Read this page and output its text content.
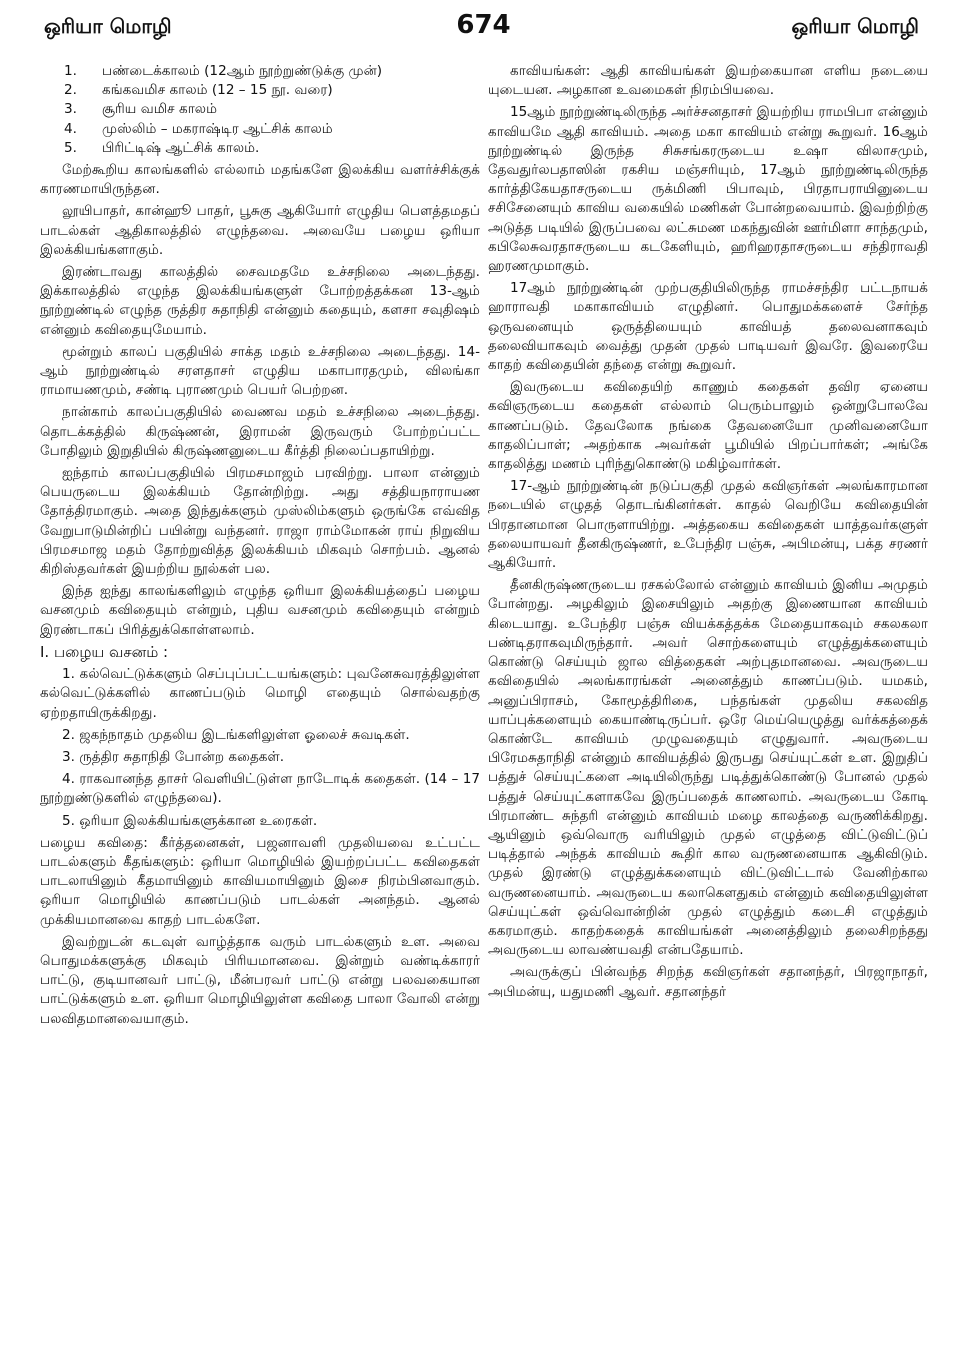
ஒரியா மொழி	674	ஒரியா மொழி
1. பண்டைக்காலம் (12ஆம் நூற்றுண்டுக்கு முன்)
2. கங்கவமிச காலம் (12 – 15 நூ. வரை)
3. சூரிய வமிச காலம்
4. முஸ்லிம் – மகராஷ்டிர ஆட்சிக் காலம்
5. பிரிட்டிஷ் ஆட்சிக் காலம்.

மேற்கூறிய காலங்களில் எல்லாம் மதங்களே இலக்கிய வளர்ச்சிக்குக் காரணமாயிருந்தன.

லூயிபாதர், கான்ஹூ பாதர், பூசுகு ஆகியோர் எழுதிய பௌத்தமதப் பாடல்கள் ஆதிகாலத்தில் எழுந்தவை. அவையே பழைய ஒரியா இலக்கியங்களாகும்.

இரண்டாவது காலத்தில் சைவமதமே உச்சநிலை அடைந்தது. இக்காலத்தில் எழுந்த இலக்கியங்களுள் போற்றத்தக்கன 13-ஆம் நூற்றுண்டில் எழுந்த ருத்திர சுதாநிதி என்னும் கதையும், களசா சவுதிஷம் என்னும் கவிதையுமேயாம்.

மூன்றும் காலப் பகுதியில் சாக்த மதம் உச்சநிலை அடைந்தது. 14-ஆம் நூற்றுண்டில் சரளதாசர் எழுதிய மகாபாரதமும், விலங்கா ராமாயணமும், சண்டி புராணமும் பெயர் பெற்றன.

நான்காம் காலப்பகுதியில் வைணவ மதம் உச்சநிலை அடைந்தது. தொடக்கத்தில் கிருஷ்ணன், இராமன் இருவரும் போற்றப்பட்ட போதிலும் இறுதியில் கிருஷ்ணனுடைய கீர்த்தி நிலைப்பதாயிற்று.

ஐந்தாம் காலப்பகுதியில் பிரமசமாஜம் பரவிற்று. பாலா என்னும் பெயருடைய இலக்கியம் தோன்றிற்று. அது சத்தியநாராயண தோத்திரமாகும். அதை இந்துக்களும் முஸ்லிம்களும் ஒருங்கே எவ்வித வேறுபாடுமின்றிப் பயின்று வந்தனர். ராஜா ராம்மோகன் ராய் நிறுவிய பிரமசமாஜ மதம் தோற்றுவித்த இலக்கியம் மிகவும் சொற்பம். ஆனல் கிறிஸ்தவர்கள் இயற்றிய நூல்கள் பல.

இந்த ஐந்து காலங்களிலும் எழுந்த ஒரியா இலக்கியத்தைப் பழைய வசனமும் கவிதையும் என்றும், புதிய வசனமும் கவிதையும் என்றும் இரண்டாகப் பிரித்துக்கொள்ளலாம்.

I. பழைய வசனம் :

1. கல்வெட்டுக்களும் செப்புப்பட்டயங்களும்: புவனேசுவரத்திலுள்ள கல்வெட்டுக்களில் காணப்படும் மொழி எதையும் சொல்வதற்கு ஏற்றதாயிருக்கிறது.

2. ஜகந்நாதம் முதலிய இடங்களிலுள்ள ஓலைச் சுவடிகள்.

3. ருத்திர சுதாநிதி போன்ற கதைகள்.

4. ராகவானந்த தாசர் வெளியிட்டுள்ள நாடோடிக் கதைகள். (14 – 17 நூற்றுண்டுகளில் எழுந்தவை).

5. ஒரியா இலக்கியங்களுக்கான உரைகள்.

பழைய கவிதை: கீர்த்தனைகள், பஜனாவளி முதலியவை உட்பட்ட பாடல்களும் கீதங்களும்: ஒரியா மொழியில் இயற்றப்பட்ட கவிதைகள் பாடலாயினும் கீதமாயினும் காவியமாயினும் இசை நிரம்பினவாகும். ஒரியா மொழியில் காணப்படும் பாடல்கள் அனந்தம். ஆனல் முக்கியமானவை காதற் பாடல்களே.

இவற்றுடன் கடவுள் வாழ்த்தாக வரும் பாடல்களும் உள. அவை பொதுமக்களுக்கு மிகவும் பிரியமானவை. இன்றும் வண்டிக்காரர் பாட்டு, குடியானவர் பாட்டு, மீன்பரவர் பாட்டு என்று பலவகையான பாட்டுக்களும் உள. ஒரியா மொழியிலுள்ள கவிதை பாலா வோலி என்று பலவிதமானவையாகும்.

காவியங்கள்: ஆதி காவியங்கள் இயற்கையான எளிய நடையை யுடையன. அழகான உவமைகள் நிரம்பியவை.

15ஆம் நூற்றுண்டிலிருந்த அர்ச்சனதாசர் இயற்றிய ராமபிபா என்னும் காவியமே ஆதி காவியம். அதை மகா காவியம் என்று கூறுவர். 16ஆம் நூற்றுண்டில் இருந்த சிசுசங்கரருடைய உஷா விலாசமும், தேவதுர்லபதாஸின் ரகசிய மஞ்சரியும், 17ஆம் நூற்றுண்டிலிருந்த கார்த்திகேயதாசருடைய ருக்மிணி பிபாவும், பிரதாபராயினுடைய சசிசேனையும் காவிய வகையில் மணிகள் போன்றவையாம். இவற்றிற்கு அடுத்த படியில் இருப்பவை லட்சுமண மகந்துவின் ஊர்மிளா சாந்தமும், கபிலேசுவரதாசருடைய கடகேளியும், ஹரிஹரதாசருடைய சந்திராவதி ஹரணமுமாகும்.

17ஆம் நூற்றுண்டின் முற்பகுதியிலிருந்த ராமச்சந்திர பட்டநாயக் ஹாராவதி மகாகாவியம் எழுதினர். பொதுமக்களைச் சேர்ந்த ஒருவனையும் ஒருத்தியையும் காவியத் தலைவனாகவும் தலைவியாகவும் வைத்து முதன் முதல் பாடியவர் இவரே. இவரையே காதற் கவிதையின் தந்தை என்று கூறுவர்.

இவருடைய கவிதையிற் காணும் கதைகள் தவிர ஏனைய கவிஞருடைய கதைகள் எல்லாம் பெரும்பாலும் ஒன்றுபோலவே காணப்படும். தேவலோக நங்கை தேவனையோ முனிவனையோ காதலிப்பாள்; அதற்காக அவர்கள் பூமியில் பிறப்பார்கள்; அங்கே காதலித்து மணம் புரிந்துகொண்டு மகிழ்வார்கள்.

17-ஆம் நூற்றுண்டின் நடுப்பகுதி முதல் கவிஞர்கள் அலங்காரமான நடையில் எழுதத் தொடங்கினர்கள். காதல் வெறியே கவிதையின் பிரதானமான பொருளாயிற்று. அத்தகைய கவிதைகள் யாத்தவர்களுள் தலையாயவர் தீனகிருஷ்ணர், உபேந்திர பஞ்சு, அபிமன்யு, பக்த சரணர் ஆகியோர்.

தீனகிருஷ்ணருடைய ரசகல்லோல் என்னும் காவியம் இனிய அமுதம் போன்றது. அழகிலும் இசையிலும் அதற்கு இணையான காவியம் கிடையாது. உபேந்திர பஞ்சு வியக்கத்தக்க மேதையாகவும் சகலகலா பண்டிதராகவுமிருந்தார். அவர் சொற்களையும் எழுத்துக்களையும் கொண்டு செய்யும் ஜால வித்தைகள் அற்புதமானவை. அவருடைய கவிதையில் அலங்காரங்கள் அனைத்தும் காணப்படும். யமகம், அனுப்பிராசம், கோமூத்திரிகை, பந்தங்கள் முதலிய சகலவித யாப்புக்களையும் கையாண்டிருப்பர். ஒரே மெய்யெழுத்து வர்க்கத்தைக் கொண்டே காவியம் முழுவதையும் எழுதுவார். அவருடைய பிரேமசுதாநிதி என்னும் காவியத்தில் இருபது செய்யுட்கள் உள. இறுதிப் பத்துச் செய்யுட்களை அடியிலிருந்து படித்துக்கொண்டு போனல் முதல் பத்துச் செய்யுட்களாகவே இருப்பதைக் காணலாம். அவருடைய கோடி பிரமாண்ட சுந்தரி என்னும் காவியம் மழை காலத்தை வருணிக்கிறது. ஆயினும் ஒவ்வொரு வரியிலும் முதல் எழுத்தை விட்டுவிட்டுப் படித்தால் அந்தக் காவியம் கூதிர் கால வருணனையாக ஆகிவிடும். முதல் இரண்டு எழுத்துக்களையும் விட்டுவிட்டால் வேனிற்கால வருணனையாம். அவருடைய கலாகௌதுகம் என்னும் கவிதையிலுள்ள செய்யுட்கள் ஒவ்வொன்றின் முதல் எழுத்தும் கடைசி எழுத்தும் ககரமாகும். காதற்கதைக் காவியங்கள் அனைத்திலும் தலைசிறந்தது அவருடைய லாவண்யவதி என்பதேயாம்.

அவருக்குப் பின்வந்த சிறந்த கவிஞர்கள் சதானந்தர், பிரஜாநாதர், அபிமன்யு, யதுமணி ஆவர். சதானந்தர்
